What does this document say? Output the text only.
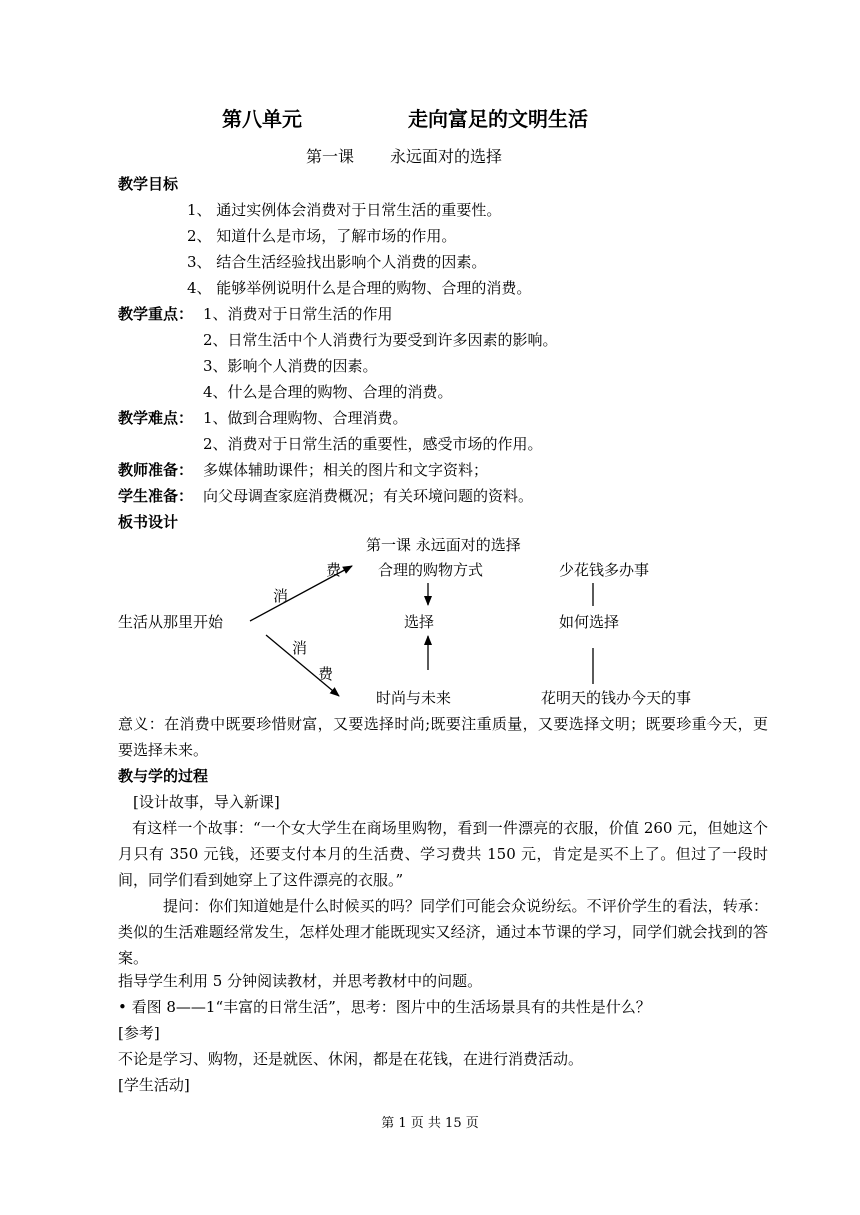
第八单元	走向富足的文明生活
第一课 永远面对的选择
教学目标
1、 通过实例体会消费对于日常生活的重要性。
2、 知道什么是市场，了解市场的作用。
3、 结合生活经验找出影响个人消费的因素。
4、 能够举例说明什么是合理的购物、合理的消费。
教学重点： 1、消费对于日常生活的作用
2、日常生活中个人消费行为要受到许多因素的影响。
3、影响个人消费的因素。
4、什么是合理的购物、合理的消费。
教学难点： 1、做到合理购物、合理消费。
2、消费对于日常生活的重要性，感受市场的作用。
教师准备： 多媒体辅助课件；相关的图片和文字资料；
学生准备： 向父母调查家庭消费概况；有关环境问题的资料。
板书设计
第一课 永远面对的选择
费 合理的购物方式	少花钱多办事
消
生活从那里开始	选择	如何选择
消
费
时尚与未来	花明天的钱办今天的事
意义：在消费中既要珍惜财富，又要选择时尚;既要注重质量，又要选择文明；既要珍重今天，更要选择未来。
教与学的过程
[设计故事，导入新课]
有这样一个故事：“一个女大学生在商场里购物，看到一件漂亮的衣服，价值 260 元，但她这个月只有 350 元钱，还要支付本月的生活费、学习费共 150 元，肯定是买不上了。但过了一段时间，同学们看到她穿上了这件漂亮的衣服。”
提问：你们知道她是什么时候买的吗？同学们可能会众说纷纭。不评价学生的看法，转承：类似的生活难题经常发生，怎样处理才能既现实又经济，通过本节课的学习，同学们就会找到的答案。
指导学生利用 5 分钟阅读教材，并思考教材中的问题。
• 看图 8——1“丰富的日常生活”，思考：图片中的生活场景具有的共性是什么？
[参考]
不论是学习、购物，还是就医、休闲，都是在花钱，在进行消费活动。
[学生活动]
第 1 页 共 15 页
